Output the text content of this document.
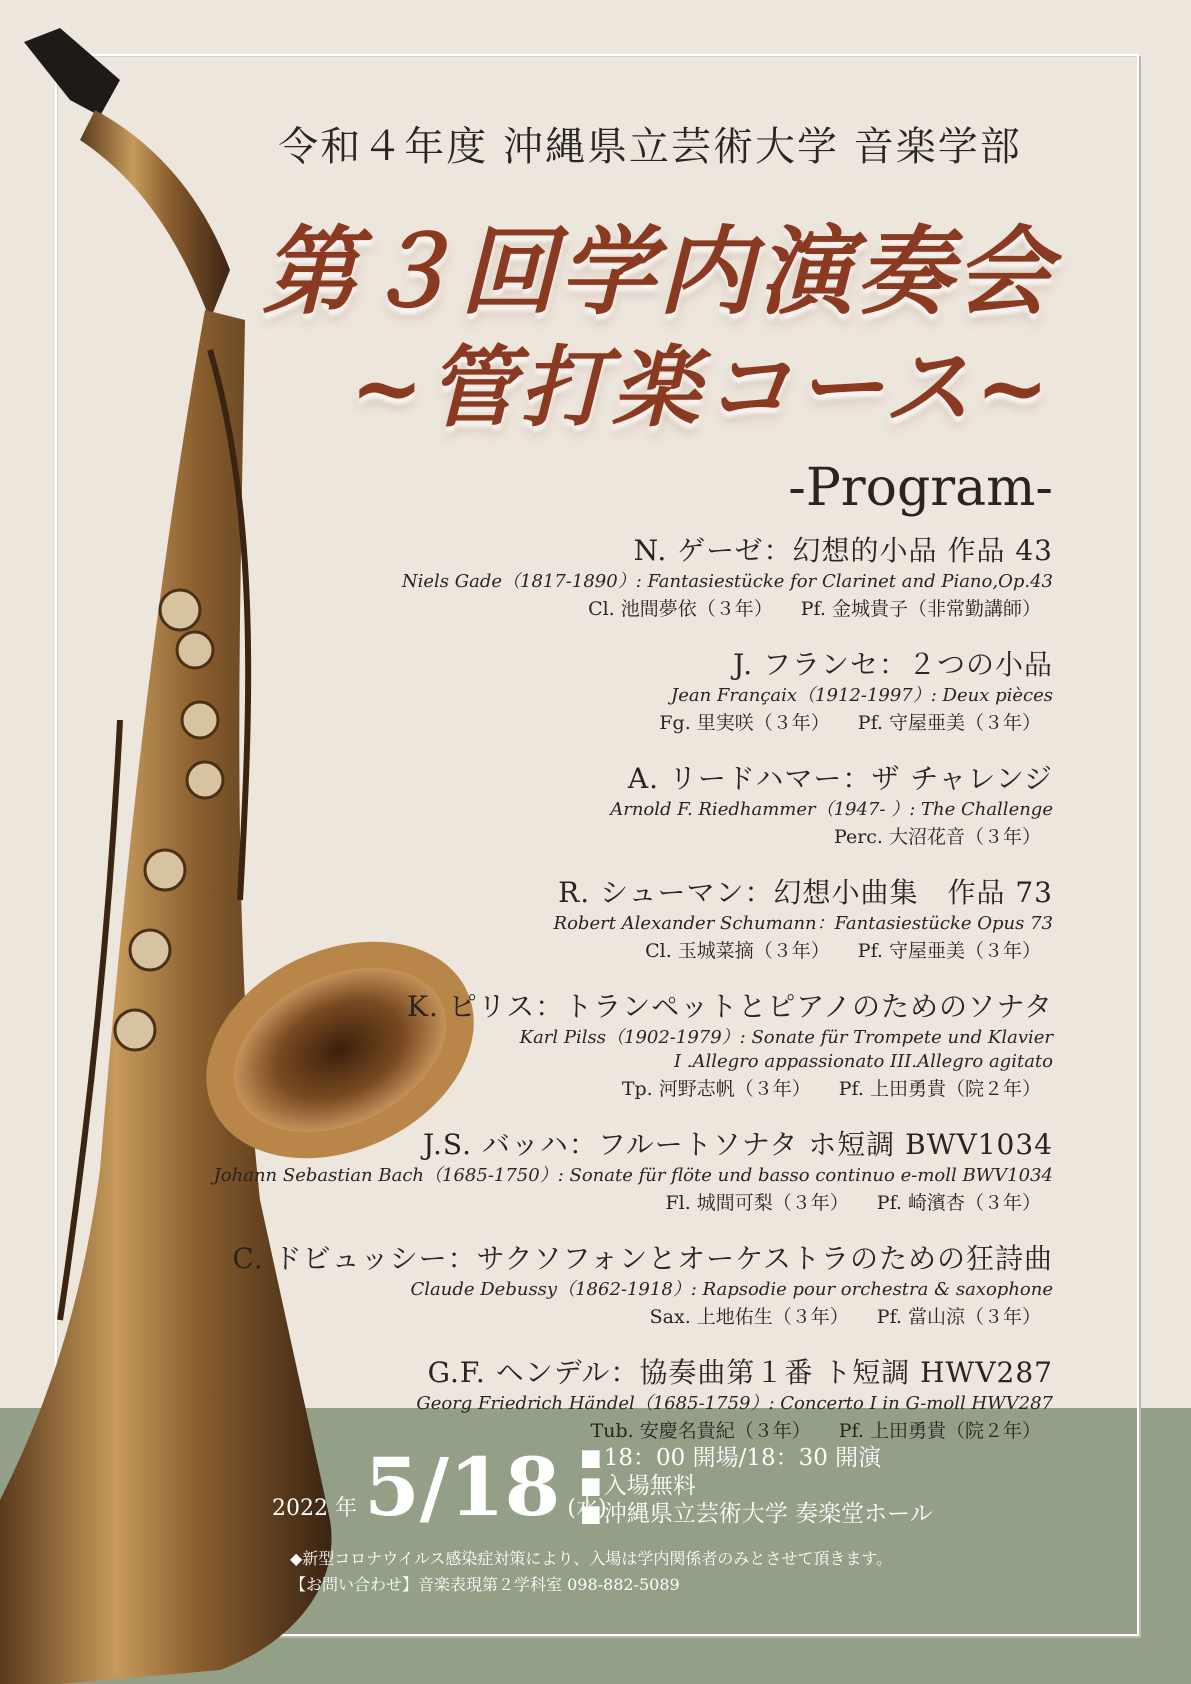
令和４年度 沖縄県立芸術大学 音楽学部
第３回学内演奏会
~管打楽コース~
-Program-
N. ゲーゼ：幻想的小品 作品 43
Niels Gade（1817-1890）: Fantasiestücke for Clarinet and Piano,Op.43
Cl. 池間夢依（３年） Pf. 金城貴子（非常勤講師）
J. フランセ：２つの小品
Jean Françaix（1912-1997）: Deux pièces
Fg. 里実咲（３年） Pf. 守屋亜美（３年）
A. リードハマー：ザ チャレンジ
Arnold F. Riedhammer（1947- ）: The Challenge
Perc. 大沼花音（３年）
R. シューマン：幻想小曲集　作品 73
Robert Alexander Schumann：Fantasiestücke Opus 73
Cl. 玉城菜摘（３年） Pf. 守屋亜美（３年）
K. ピリス：トランペットとピアノのためのソナタ
Karl Pilss（1902-1979）: Sonate für Trompete und Klavier
I .Allegro appassionato III.Allegro agitato
Tp. 河野志帆（３年） Pf. 上田勇貴（院２年）
J.S. バッハ：フルートソナタ ホ短調 BWV1034
Johann Sebastian Bach（1685-1750）: Sonate für flöte und basso continuo e-moll BWV1034
Fl. 城間可梨（３年） Pf. 崎濱杏（３年）
C. ドビュッシー：サクソフォンとオーケストラのための狂詩曲
Claude Debussy（1862-1918）: Rapsodie pour orchestra & saxophone
Sax. 上地佑生（３年） Pf. 當山涼（３年）
G.F. ヘンデル：協奏曲第１番 ト短調 HWV287
Georg Friedrich Händel（1685-1759）: Concerto I in G-moll HWV287
Tub. 安慶名貴紀（３年） Pf. 上田勇貴（院２年）
2022 年 5/18 (水)
■ 18：00 開場/18：30 開演
■ 入場無料
■ 沖縄県立芸術大学 奏楽堂ホール
◆新型コロナウイルス感染症対策により、入場は学内関係者のみとさせて頂きます。
【お問い合わせ】音楽表現第２学科室 098-882-5089
